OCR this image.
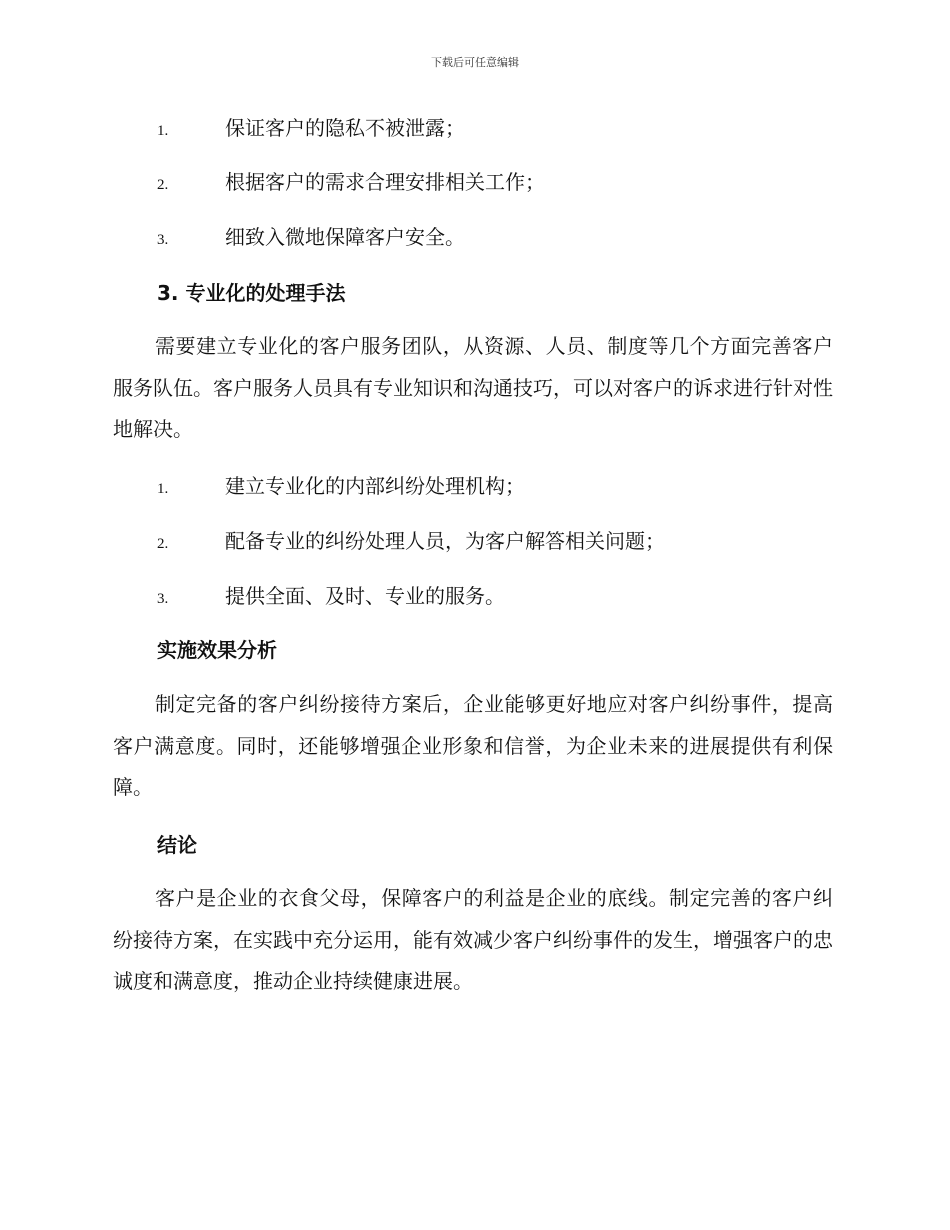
下载后可任意编辑
1.	保证客户的隐私不被泄露；
2.	根据客户的需求合理安排相关工作；
3.	细致入微地保障客户安全。
3. 专业化的处理手法
需要建立专业化的客户服务团队，从资源、人员、制度等几个方面完善客户服务队伍。客户服务人员具有专业知识和沟通技巧，可以对客户的诉求进行针对性地解决。
1.	建立专业化的内部纠纷处理机构；
2.	配备专业的纠纷处理人员，为客户解答相关问题；
3.	提供全面、及时、专业的服务。
实施效果分析
制定完备的客户纠纷接待方案后，企业能够更好地应对客户纠纷事件，提高客户满意度。同时，还能够增强企业形象和信誉，为企业未来的进展提供有利保障。
结论
客户是企业的衣食父母，保障客户的利益是企业的底线。制定完善的客户纠纷接待方案，在实践中充分运用，能有效减少客户纠纷事件的发生，增强客户的忠诚度和满意度，推动企业持续健康进展。
